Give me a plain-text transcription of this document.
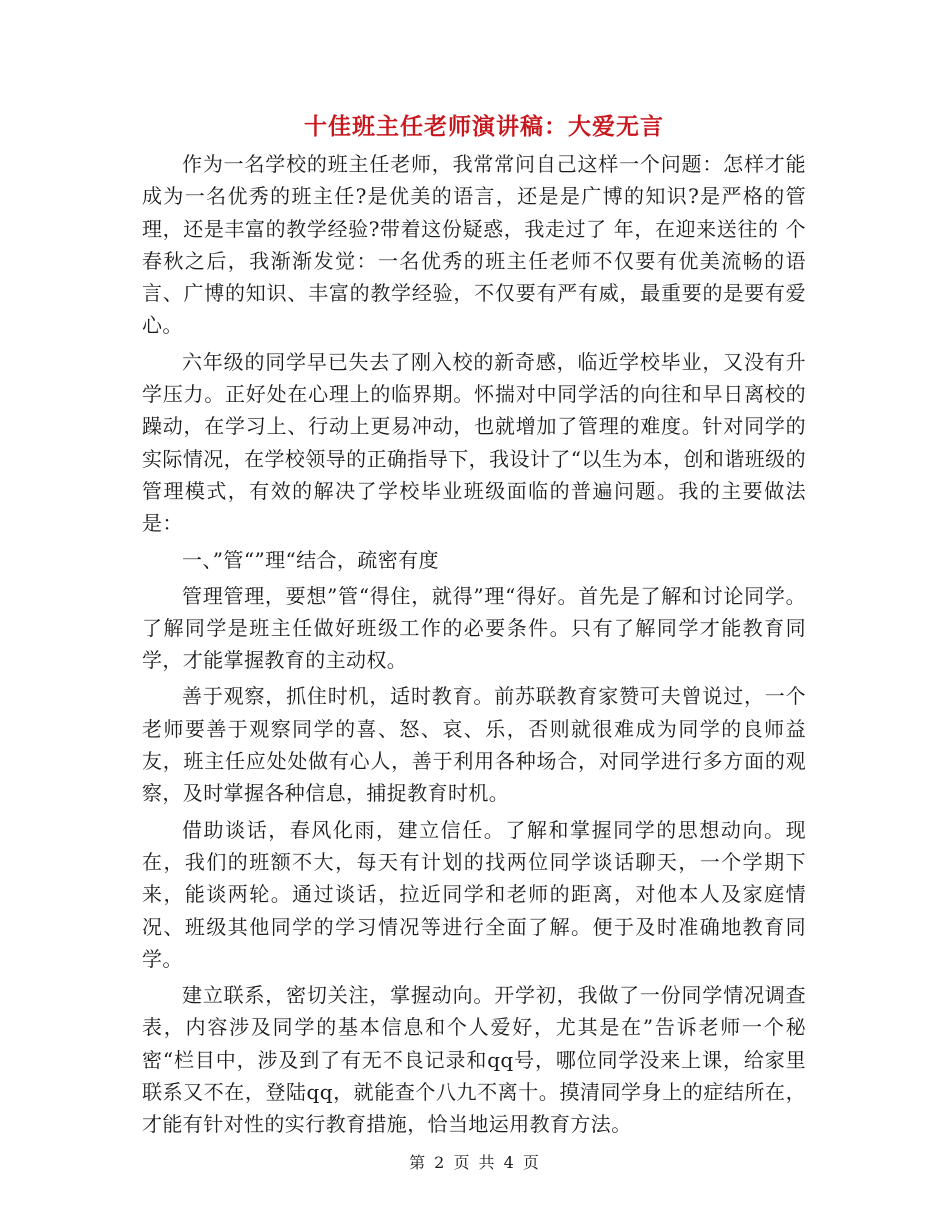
十佳班主任老师演讲稿：大爱无言

作为一名学校的班主任老师，我常常问自己这样一个问题：怎样才能成为一名优秀的班主任?是优美的语言，还是是广博的知识?是严格的管理，还是丰富的教学经验?带着这份疑惑，我走过了 年，在迎来送往的 个春秋之后，我渐渐发觉：一名优秀的班主任老师不仅要有优美流畅的语言、广博的知识、丰富的教学经验，不仅要有严有威，最重要的是要有爱心。

六年级的同学早已失去了刚入校的新奇感，临近学校毕业，又没有升学压力。正好处在心理上的临界期。怀揣对中同学活的向往和早日离校的躁动，在学习上、行动上更易冲动，也就增加了管理的难度。针对同学的实际情况，在学校领导的正确指导下，我设计了“以生为本，创和谐班级的管理模式，有效的解决了学校毕业班级面临的普遍问题。我的主要做法是：

一、”管“”理“结合，疏密有度

管理管理，要想”管“得住，就得”理“得好。首先是了解和讨论同学。了解同学是班主任做好班级工作的必要条件。只有了解同学才能教育同学，才能掌握教育的主动权。

善于观察，抓住时机，适时教育。前苏联教育家赞可夫曾说过，一个老师要善于观察同学的喜、怒、哀、乐，否则就很难成为同学的良师益友，班主任应处处做有心人，善于利用各种场合，对同学进行多方面的观察，及时掌握各种信息，捕捉教育时机。

借助谈话，春风化雨，建立信任。了解和掌握同学的思想动向。现在，我们的班额不大，每天有计划的找两位同学谈话聊天，一个学期下来，能谈两轮。通过谈话，拉近同学和老师的距离，对他本人及家庭情况、班级其他同学的学习情况等进行全面了解。便于及时准确地教育同学。

建立联系，密切关注，掌握动向。开学初，我做了一份同学情况调查表，内容涉及同学的基本信息和个人爱好，尤其是在”告诉老师一个秘密“栏目中，涉及到了有无不良记录和qq号，哪位同学没来上课，给家里联系又不在，登陆qq，就能查个八九不离十。摸清同学身上的症结所在，才能有针对性的实行教育措施，恰当地运用教育方法。

第 2 页 共 4 页
